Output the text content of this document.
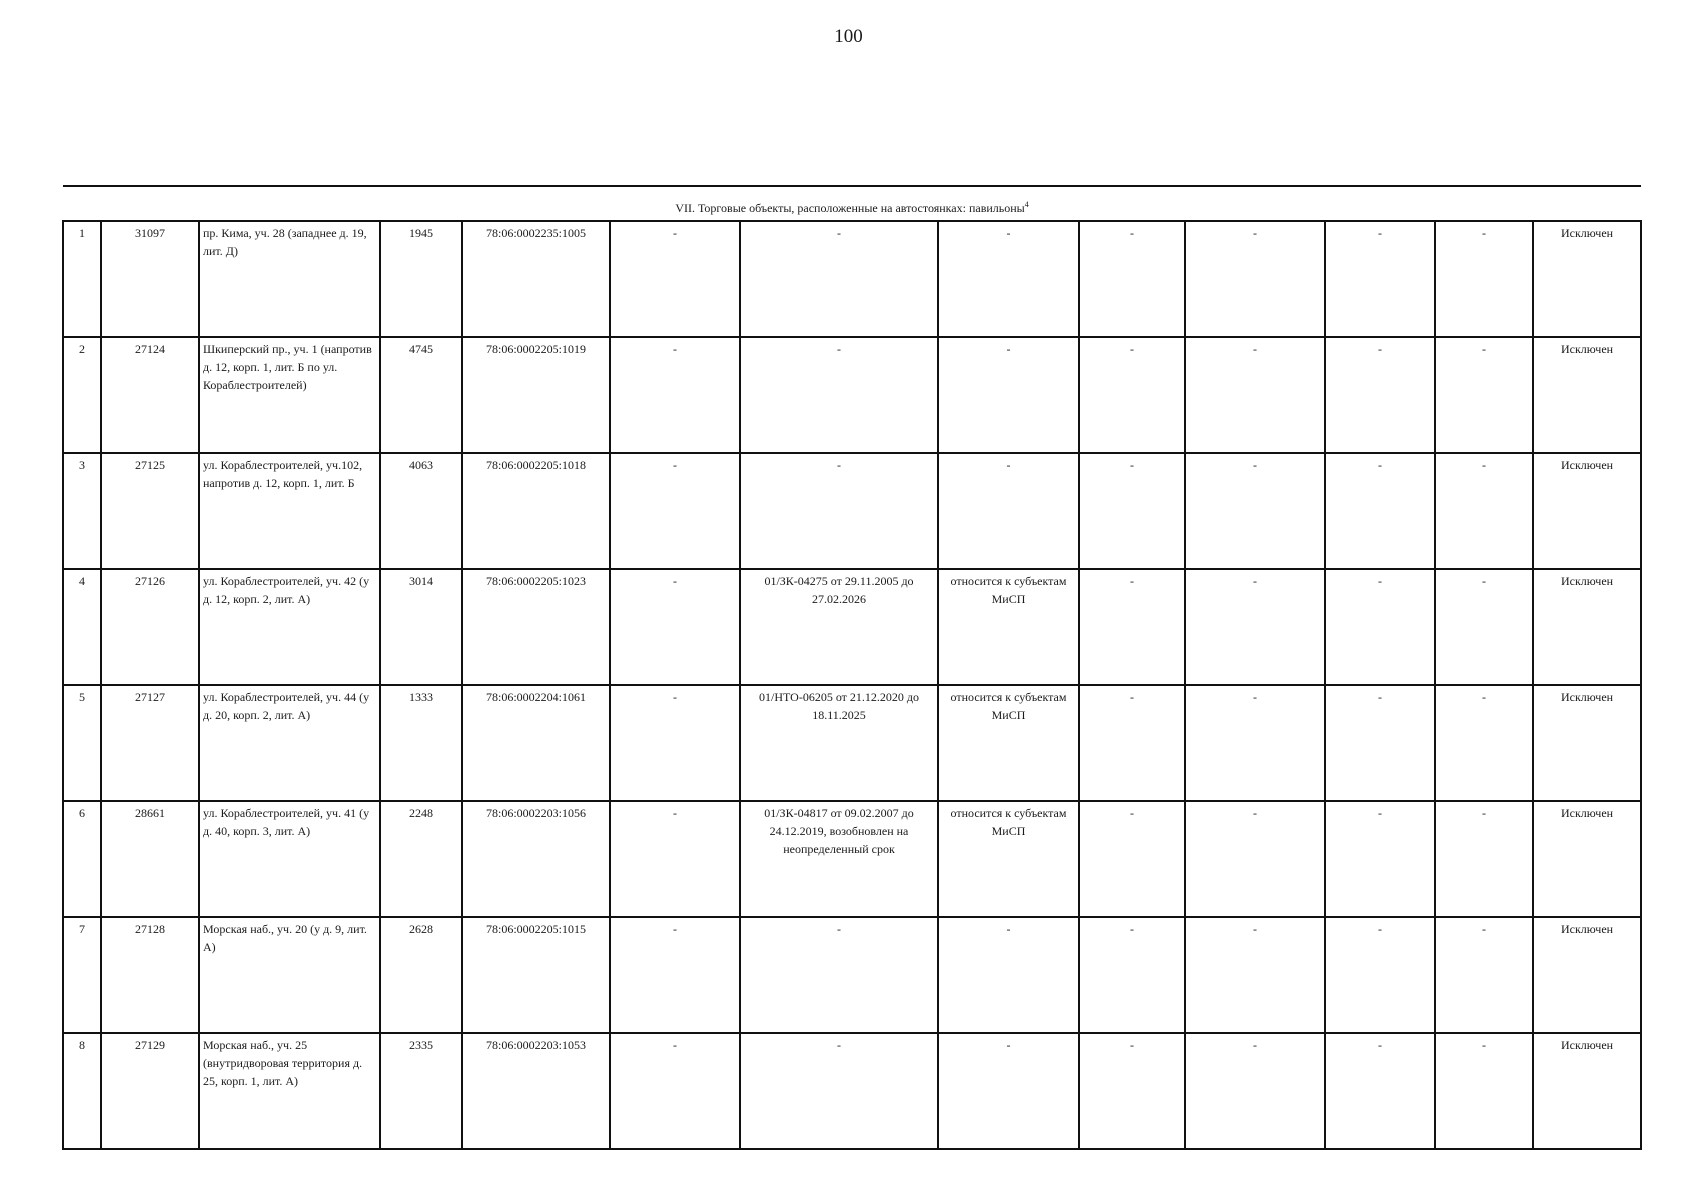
100
VII. Торговые объекты, расположенные на автостоянках: павильоны$^4$
1	31097	пр. Кима, уч. 28 (западнее д. 19, лит. Д)	1945	78:06:0002235:1005	-	-	-	-	-	-	-	Исключен
2	27124	Шкиперский пр., уч. 1 (напротив д. 12, корп. 1, лит. Б по ул. Кораблестроителей)	4745	78:06:0002205:1019	-	-	-	-	-	-	-	Исключен
3	27125	ул. Кораблестроителей, уч.102, напротив д. 12, корп. 1, лит. Б	4063	78:06:0002205:1018	-	-	-	-	-	-	-	Исключен
4	27126	ул. Кораблестроителей, уч. 42 (у д. 12, корп. 2, лит. А)	3014	78:06:0002205:1023	-	01/ЗК-04275 от 29.11.2005 до 27.02.2026	относится к субъектам МиСП	-	-	-	-	Исключен
5	27127	ул. Кораблестроителей, уч. 44 (у д. 20, корп. 2, лит. А)	1333	78:06:0002204:1061	-	01/НТО-06205 от 21.12.2020 до 18.11.2025	относится к субъектам МиСП	-	-	-	-	Исключен
6	28661	ул. Кораблестроителей, уч. 41 (у д. 40, корп. 3, лит. А)	2248	78:06:0002203:1056	-	01/ЗК-04817 от 09.02.2007 до 24.12.2019, возобновлен на неопределенный срок	относится к субъектам МиСП	-	-	-	-	Исключен
7	27128	Морская наб., уч. 20 (у д. 9, лит. А)	2628	78:06:0002205:1015	-	-	-	-	-	-	-	Исключен
8	27129	Морская наб., уч. 25 (внутридворовая территория д. 25, корп. 1, лит. А)	2335	78:06:0002203:1053	-	-	-	-	-	-	-	Исключен
